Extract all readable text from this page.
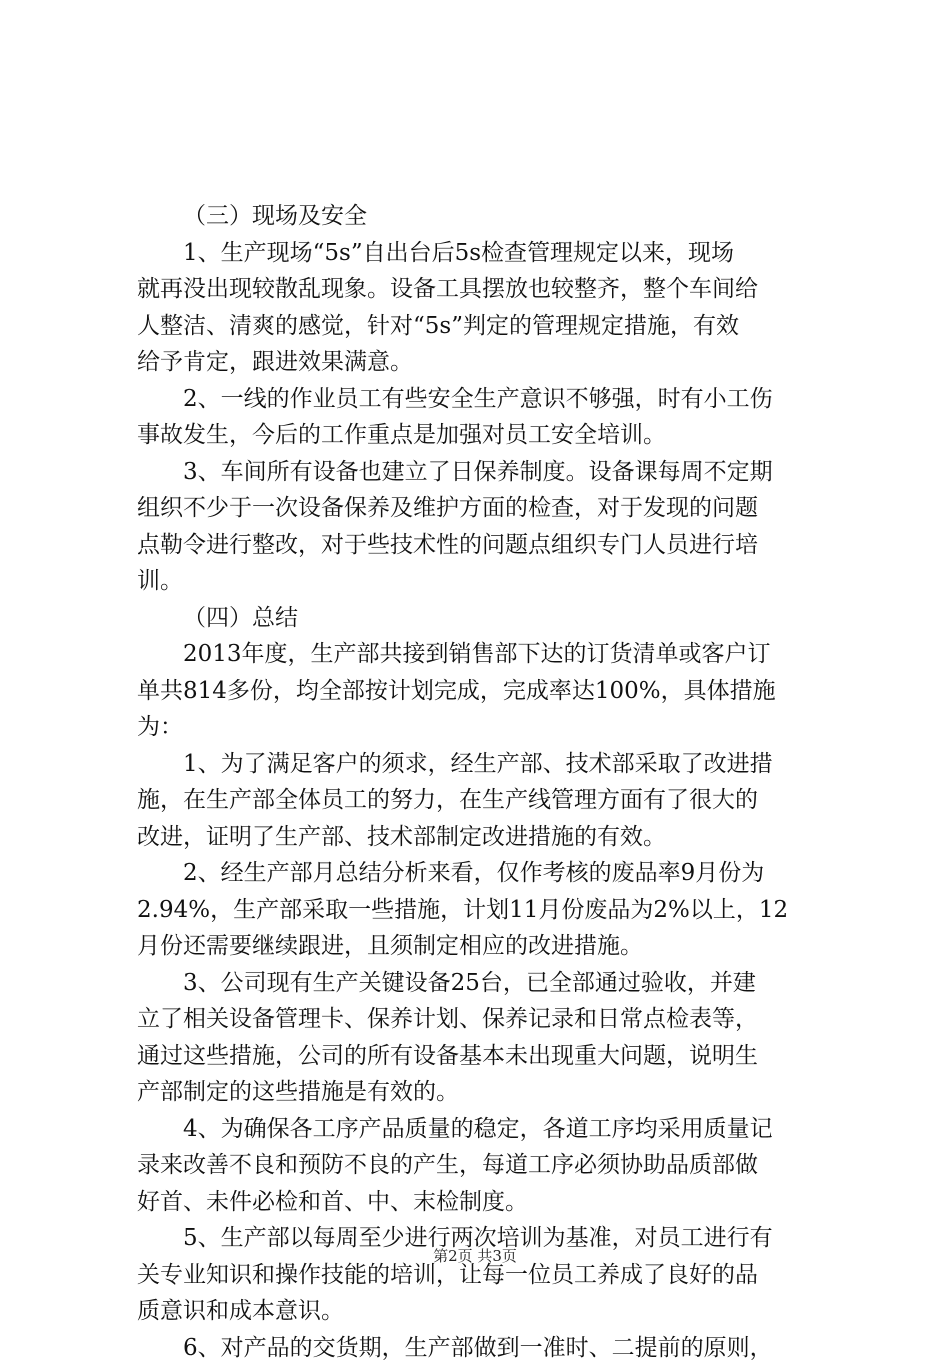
（三）现场及安全
1、生产现场“5s”自出台后5s检查管理规定以来，现场
就再没出现较散乱现象。设备工具摆放也较整齐，整个车间给
人整洁、清爽的感觉，针对“5s”判定的管理规定措施，有效
给予肯定，跟进效果满意。
2、一线的作业员工有些安全生产意识不够强，时有小工伤
事故发生，今后的工作重点是加强对员工安全培训。
3、车间所有设备也建立了日保养制度。设备课每周不定期
组织不少于一次设备保养及维护方面的检查，对于发现的问题
点勒令进行整改，对于些技术性的问题点组织专门人员进行培
训。
（四）总结
2013年度，生产部共接到销售部下达的订货清单或客户订
单共814多份，均全部按计划完成，完成率达100%，具体措施
为：
1、为了满足客户的须求，经生产部、技术部采取了改进措
施，在生产部全体员工的努力，在生产线管理方面有了很大的
改进，证明了生产部、技术部制定改进措施的有效。
2、经生产部月总结分析来看，仅作考核的废品率9月份为
2.94%，生产部采取一些措施，计划11月份废品为2%以上，12
月份还需要继续跟进，且须制定相应的改进措施。
3、公司现有生产关键设备25台，已全部通过验收，并建
立了相关设备管理卡、保养计划、保养记录和日常点检表等，
通过这些措施，公司的所有设备基本未出现重大问题，说明生
产部制定的这些措施是有效的。
4、为确保各工序产品质量的稳定，各道工序均采用质量记
录来改善不良和预防不良的产生，每道工序必须协助品质部做
好首、未件必检和首、中、末检制度。
5、生产部以每周至少进行两次培训为基准，对员工进行有
关专业知识和操作技能的培训，让每一位员工养成了良好的品
质意识和成本意识。
6、对产品的交货期，生产部做到一准时、二提前的原则，
第2页 共3页
